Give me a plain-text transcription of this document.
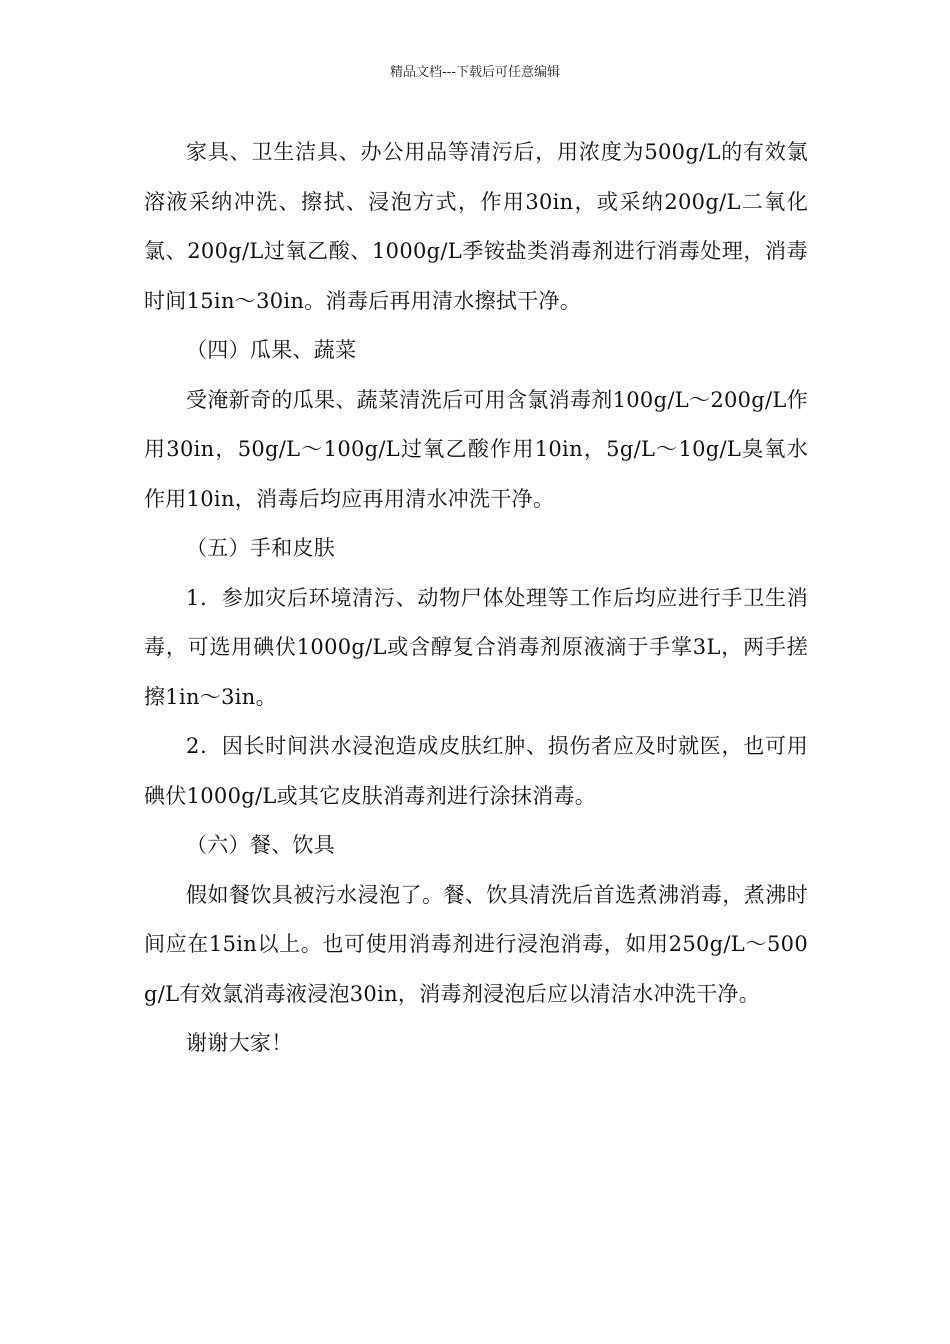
精品文档---下载后可任意编辑

家具、卫生洁具、办公用品等清污后，用浓度为500g/L的有效氯溶液采纳冲洗、擦拭、浸泡方式，作用30in，或采纳200g/L二氧化氯、200g/L过氧乙酸、1000g/L季铵盐类消毒剂进行消毒处理，消毒时间15in～30in。消毒后再用清水擦拭干净。

（四）瓜果、蔬菜

受淹新奇的瓜果、蔬菜清洗后可用含氯消毒剂100g/L～200g/L作用30in，50g/L～100g/L过氧乙酸作用10in，5g/L～10g/L臭氧水作用10in，消毒后均应再用清水冲洗干净。

（五）手和皮肤

1．参加灾后环境清污、动物尸体处理等工作后均应进行手卫生消毒，可选用碘伏1000g/L或含醇复合消毒剂原液滴于手掌3L，两手搓擦1in～3in。

2．因长时间洪水浸泡造成皮肤红肿、损伤者应及时就医，也可用碘伏1000g/L或其它皮肤消毒剂进行涂抹消毒。

（六）餐、饮具

假如餐饮具被污水浸泡了。餐、饮具清洗后首选煮沸消毒，煮沸时间应在15in以上。也可使用消毒剂进行浸泡消毒，如用250g/L～500g/L有效氯消毒液浸泡30in，消毒剂浸泡后应以清洁水冲洗干净。

谢谢大家！
